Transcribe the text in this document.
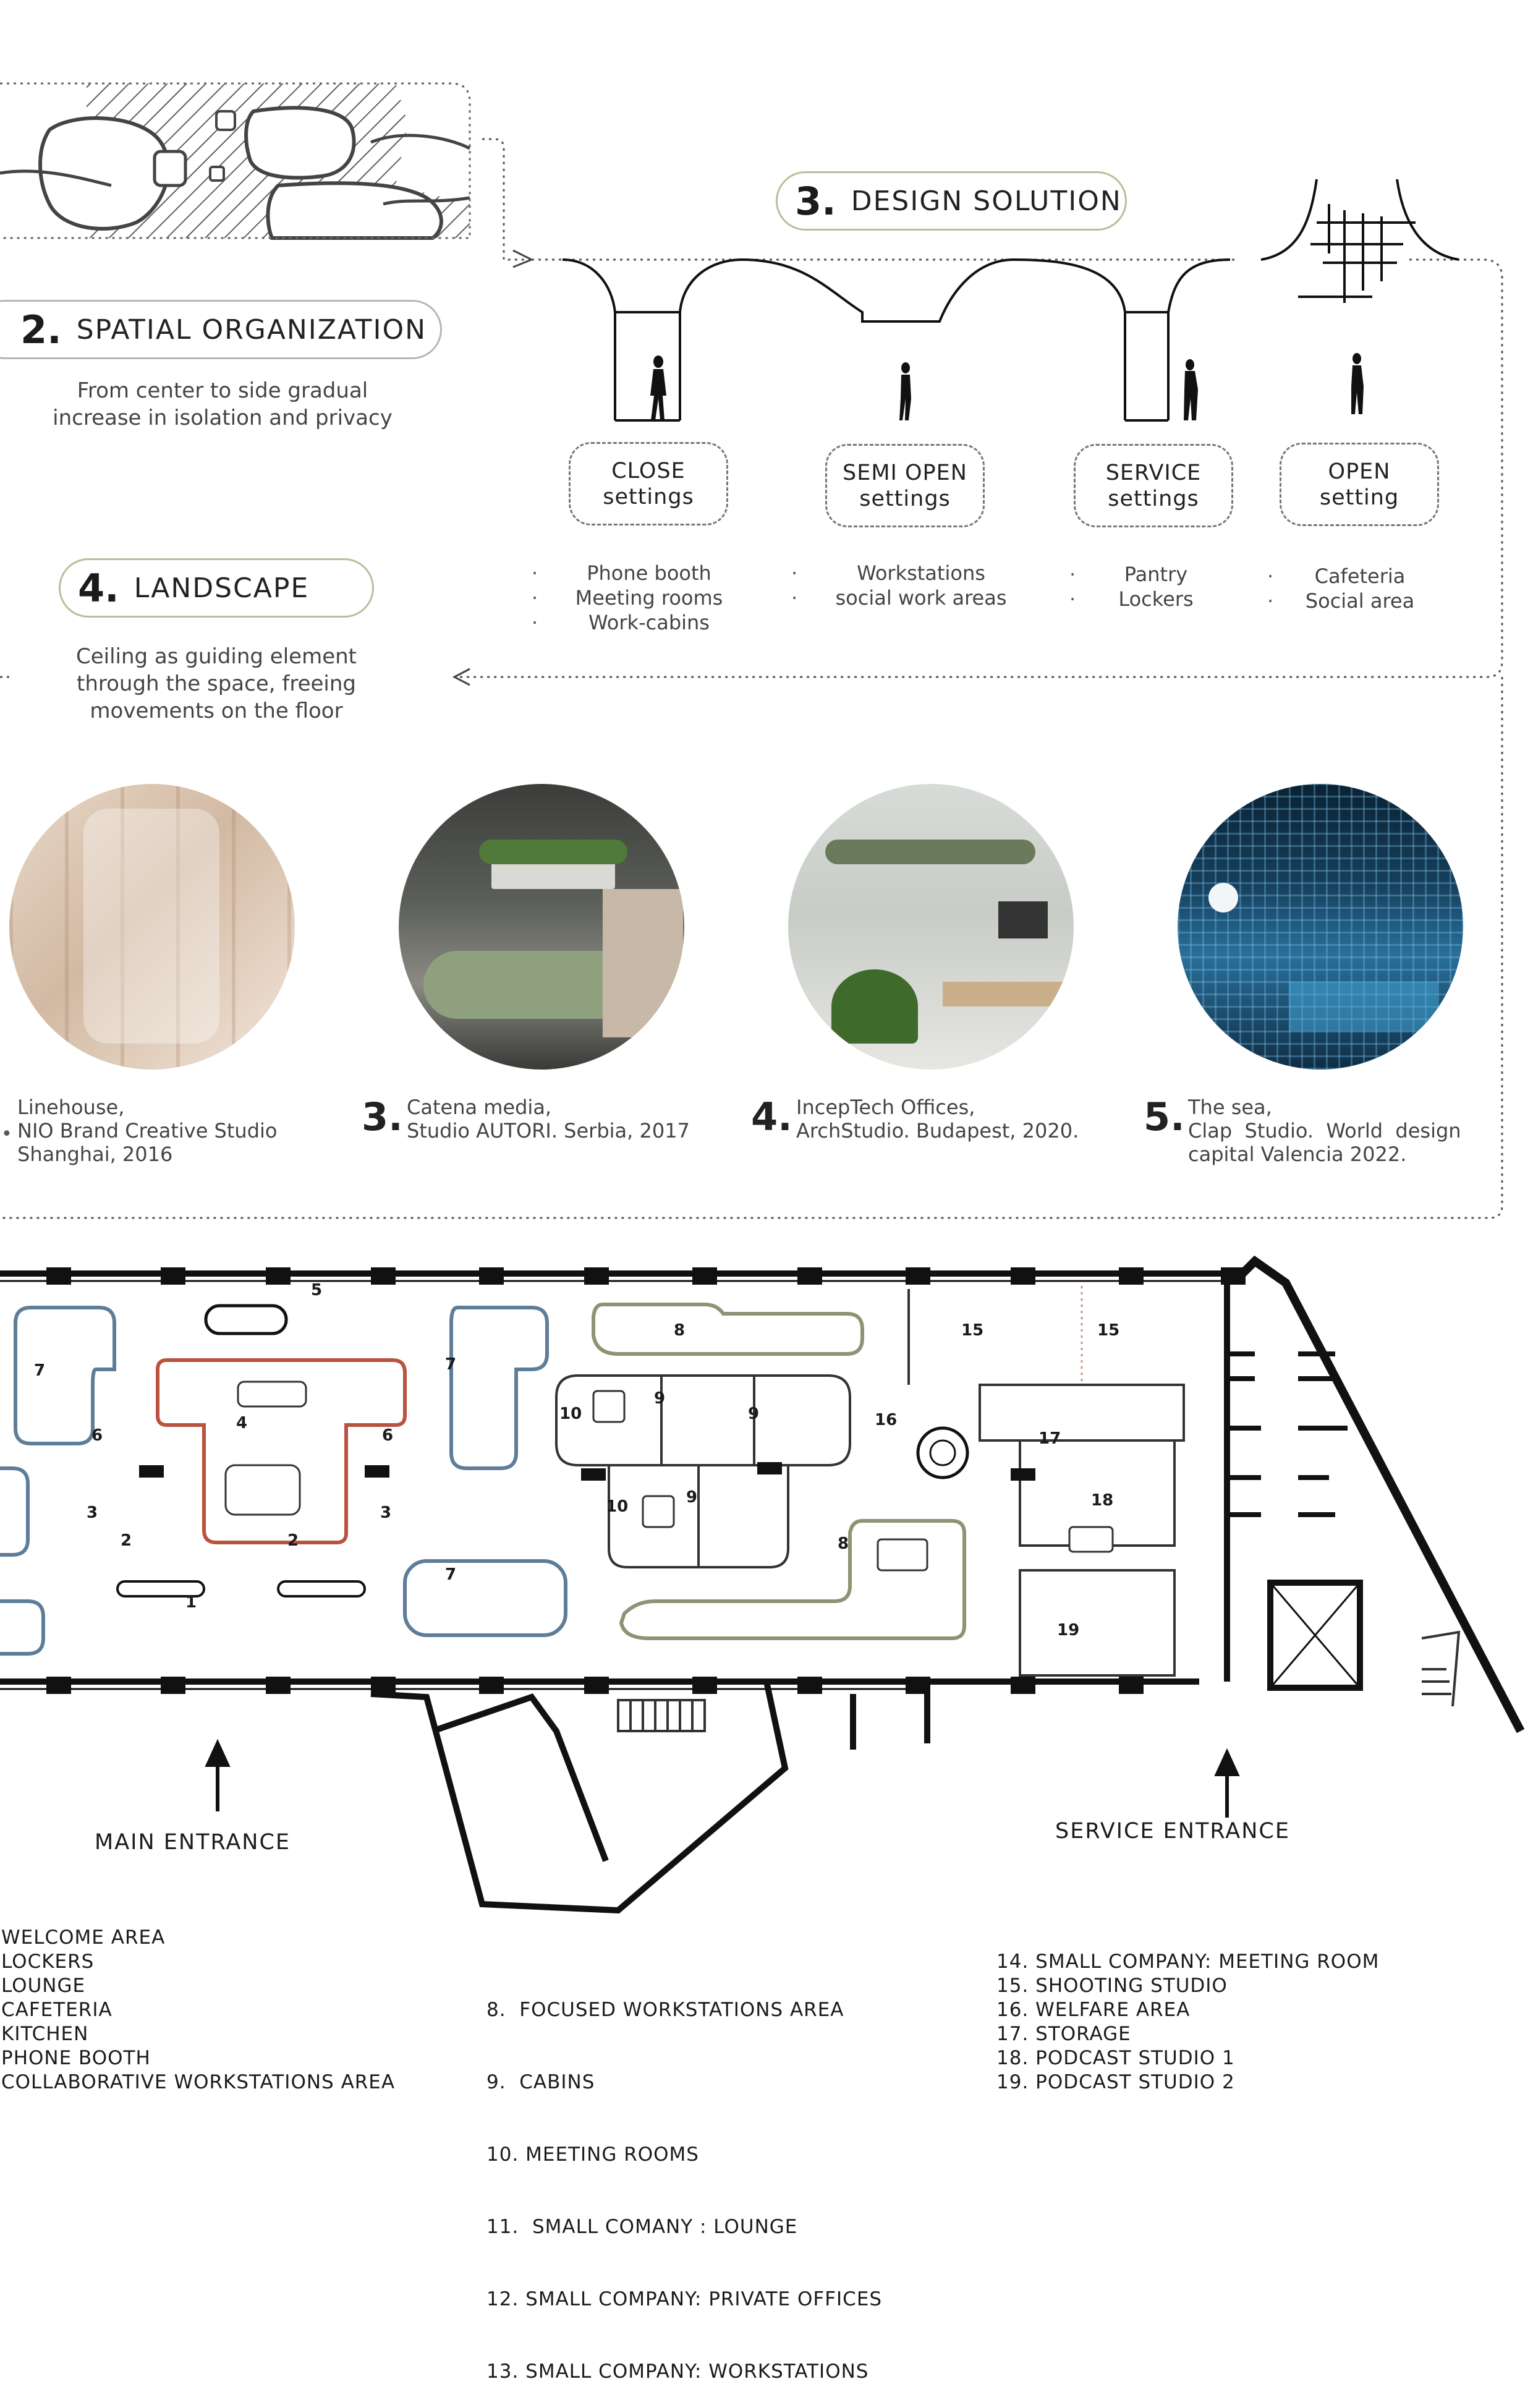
3. DESIGN SOLUTION
2. SPATIAL ORGANIZATION
From center to side gradual
increase in isolation and privacy
4. LANDSCAPE
Ceiling as guiding element
through the space, freeing
movements on the floor
CLOSE
settings
SEMI OPEN
settings
SERVICE
settings
OPEN
setting
· Phone booth
· Meeting rooms
· Work-cabins
· Workstations
· social work areas
· Pantry
· Lockers
· Cafeteria
· Social area
Linehouse,
NIO Brand Creative Studio
Shanghai, 2016
•	3. Catena media,
Studio AUTORI. Serbia, 2017 4. IncepTech Offices,
ArchStudio. Budapest, 2020.	5. The sea,
Clap  Studio.  World  design
capital Valencia 2022.
1
2	2
3	3
4
5
6	6
7	7
7
8
8
9
9
9
10
10
15	15
16
17
18
19
MAIN ENTRANCE	SERVICE ENTRANCE
WELCOME AREA
LOCKERS
LOUNGE
CAFETERIA
KITCHEN
PHONE BOOTH
COLLABORATIVE WORKSTATIONS AREA

8.  FOCUSED WORKSTATIONS AREA

9.  CABINS

10. MEETING ROOMS

11.  SMALL COMANY : LOUNGE

12. SMALL COMPANY: PRIVATE OFFICES

13. SMALL COMPANY: WORKSTATIONS

14. SMALL COMPANY: MEETING ROOM
15. SHOOTING STUDIO
16. WELFARE AREA
17. STORAGE
18. PODCAST STUDIO 1
19. PODCAST STUDIO 2
